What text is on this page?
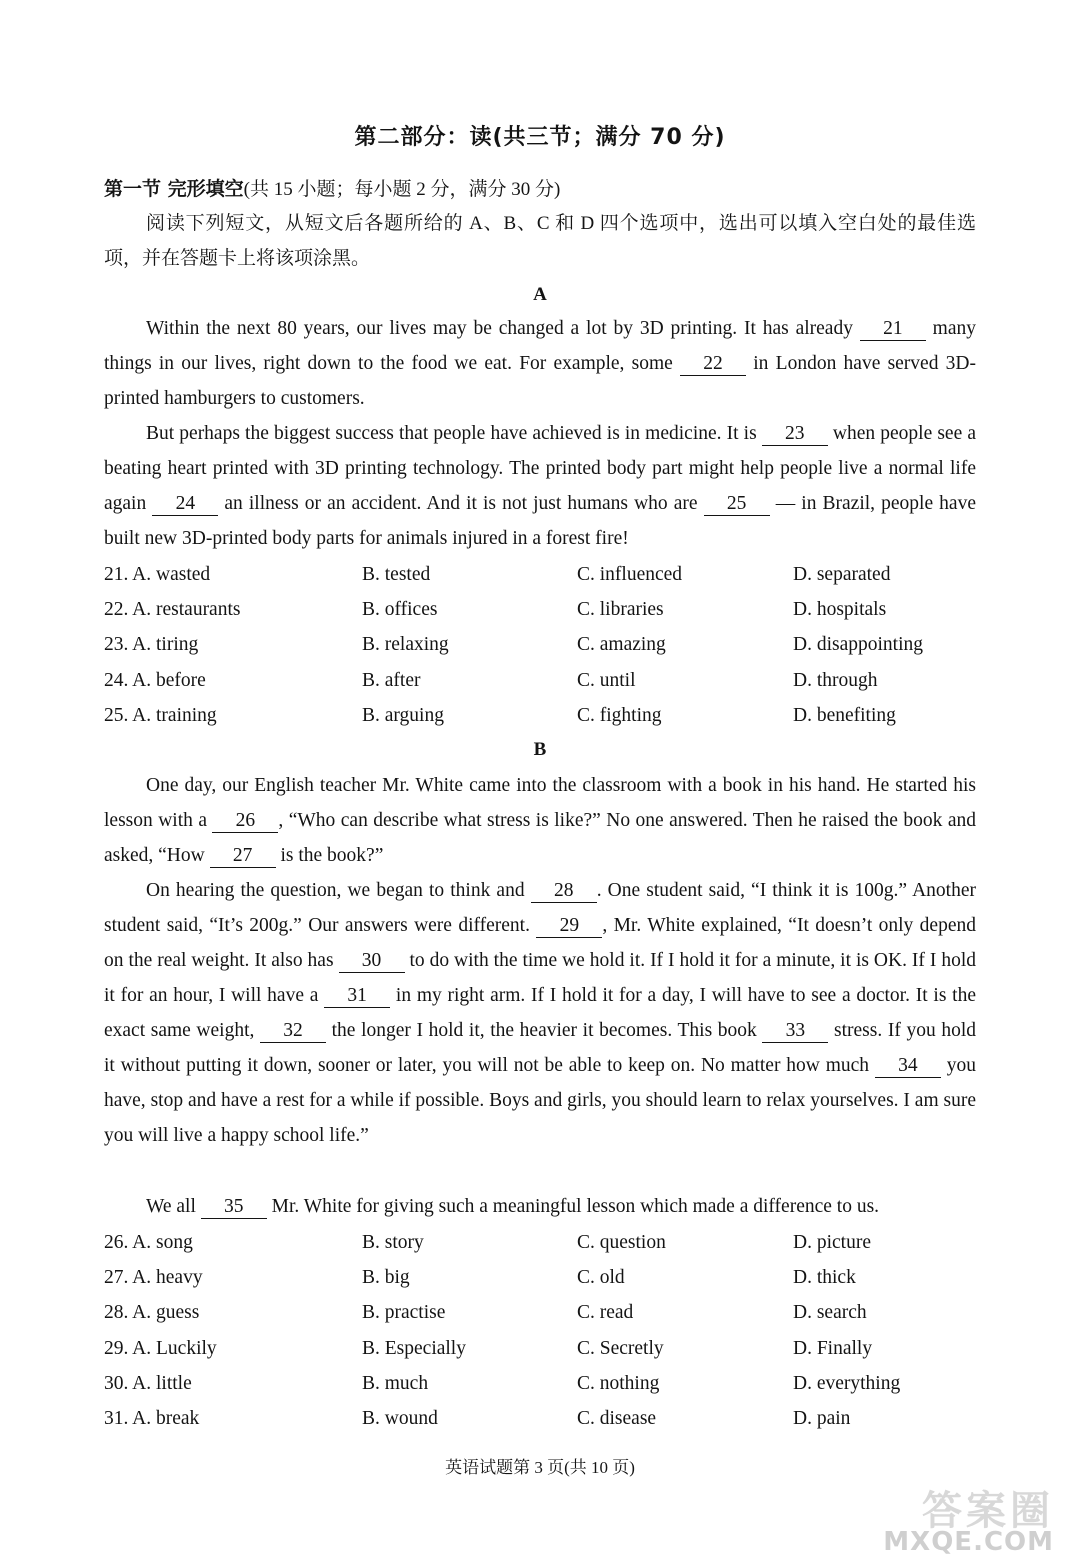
第二部分：读(共三节；满分 70 分)
第一节 完形填空(共 15 小题；每小题 2 分，满分 30 分)
阅读下列短文，从短文后各题所给的 A、B、C 和 D 四个选项中，选出可以填入空白处的最佳选项，并在答题卡上将该项涂黑。
A
Within the next 80 years, our lives may be changed a lot by 3D printing. It has already 21 many things in our lives, right down to the food we eat. For example, some 22 in London have served 3D-printed hamburgers to customers.
But perhaps the biggest success that people have achieved is in medicine. It is 23 when people see a beating heart printed with 3D printing technology. The printed body part might help people live a normal life again 24 an illness or an accident. And it is not just humans who are 25 — in Brazil, people have built new 3D-printed body parts for animals injured in a forest fire!
21. A. wasted	B. tested	C. influenced	D. separated
22. A. restaurants	B. offices	C. libraries	D. hospitals
23. A. tiring	B. relaxing	C. amazing	D. disappointing
24. A. before	B. after	C. until	D. through
25. A. training	B. arguing	C. fighting	D. benefiting
B
One day, our English teacher Mr. White came into the classroom with a book in his hand. He started his lesson with a 26 , “Who can describe what stress is like?” No one answered. Then he raised the book and asked, “How 27 is the book?”
On hearing the question, we began to think and 28 . One student said, “I think it is 100g.” Another student said, “It’s 200g.” Our answers were different. 29 , Mr. White explained, “It doesn’t only depend on the real weight. It also has 30 to do with the time we hold it. If I hold it for a minute, it is OK. If I hold it for an hour, I will have a 31 in my right arm. If I hold it for a day, I will have to see a doctor. It is the exact same weight, 32 the longer I hold it, the heavier it becomes. This book 33 stress. If you hold it without putting it down, sooner or later, you will not be able to keep on. No matter how much 34 you have, stop and have a rest for a while if possible. Boys and girls, you should learn to relax yourselves. I am sure you will live a happy school life.”
We all 35 Mr. White for giving such a meaningful lesson which made a difference to us.
26. A. song	B. story	C. question	D. picture
27. A. heavy	B. big	C. old	D. thick
28. A. guess	B. practise	C. read	D. search
29. A. Luckily	B. Especially	C. Secretly	D. Finally
30. A. little	B. much	C. nothing	D. everything
31. A. break	B. wound	C. disease	D. pain
英语试题第 3 页(共 10 页)
答案圈
MXQE.COM
